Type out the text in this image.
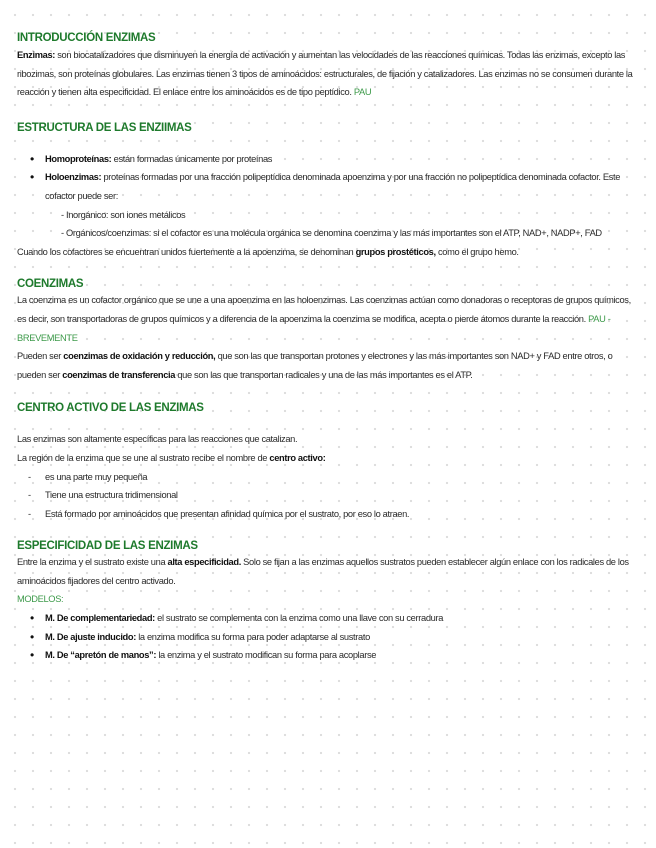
INTRODUCCIÓN ENZIMAS

Enzimas: son biocatalizadores que disminuyen la energía de activación y aumentan las velocidades de las reacciones químicas. Todas las enzimas, excepto las ribozimas, son proteínas globulares. Las enzimas tienen 3 tipos de aminoácidos: estructurales, de fijación y catalizadores. Las enzimas no se consumen durante la reacción y tienen alta especificidad. El enlace entre los aminoácidos es de tipo peptídico. PAU

ESTRUCTURA DE LAS ENZIIMAS
• Homoproteínas: están formadas únicamente por proteínas
• Holoenzimas: proteínas formadas por una fracción polipeptídica denominada apoenzima y por una fracción no polipeptídica denominada cofactor. Este cofactor puede ser:

- Inorgánico: son iones metálicos

- Orgánicos/coenzimas: si el cofactor es una molécula orgánica se denomina coenzima y las más importantes son el ATP, NAD+, NADP+, FAD

Cuando los cofactores se encuentran unidos fuertemente a la apoenzima, se denominan grupos prostéticos, como el grupo hemo.

COENZIMAS

La coenzima es un cofactor orgánico que se une a una apoenzima en las holoenzimas. Las coenzimas actúan como donadoras o receptoras de grupos químicos, es decir, son transportadoras de grupos químicos y a diferencia de la apoenzima la coenzima se modifica, acepta o pierde átomos durante la reacción. PAU - BREVEMENTE

Pueden ser coenzimas de oxidación y reducción, que son las que transportan protones y electrones y las más importantes son NAD+ y FAD entre otros, o pueden ser coenzimas de transferencia que son las que transportan radicales y una de las más importantes es el ATP.

CENTRO ACTIVO DE LAS ENZIMAS

Las enzimas son altamente específicas para las reacciones que catalizan.

La región de la enzima que se une al sustrato recibe el nombre de centro activo:

- es una parte muy pequeña
- Tiene una estructura tridimensional
- Está formado por aminoácidos que presentan afinidad química por el sustrato, por eso lo atraen.
ESPECIFICIDAD DE LAS ENZIMAS

Entre la enzima y el sustrato existe una alta especificidad. Solo se fijan a las enzimas aquellos sustratos pueden establecer algún enlace con los radicales de los aminoácidos fijadores del centro activado.

MODELOS:

• M. De complementariedad: el sustrato se complementa con la enzima como una llave con su cerradura
• M. De ajuste inducido: la enzima modifica su forma para poder adaptarse al sustrato
• M. De “apretón de manos”: la enzima y el sustrato modifican su forma para acoplarse
